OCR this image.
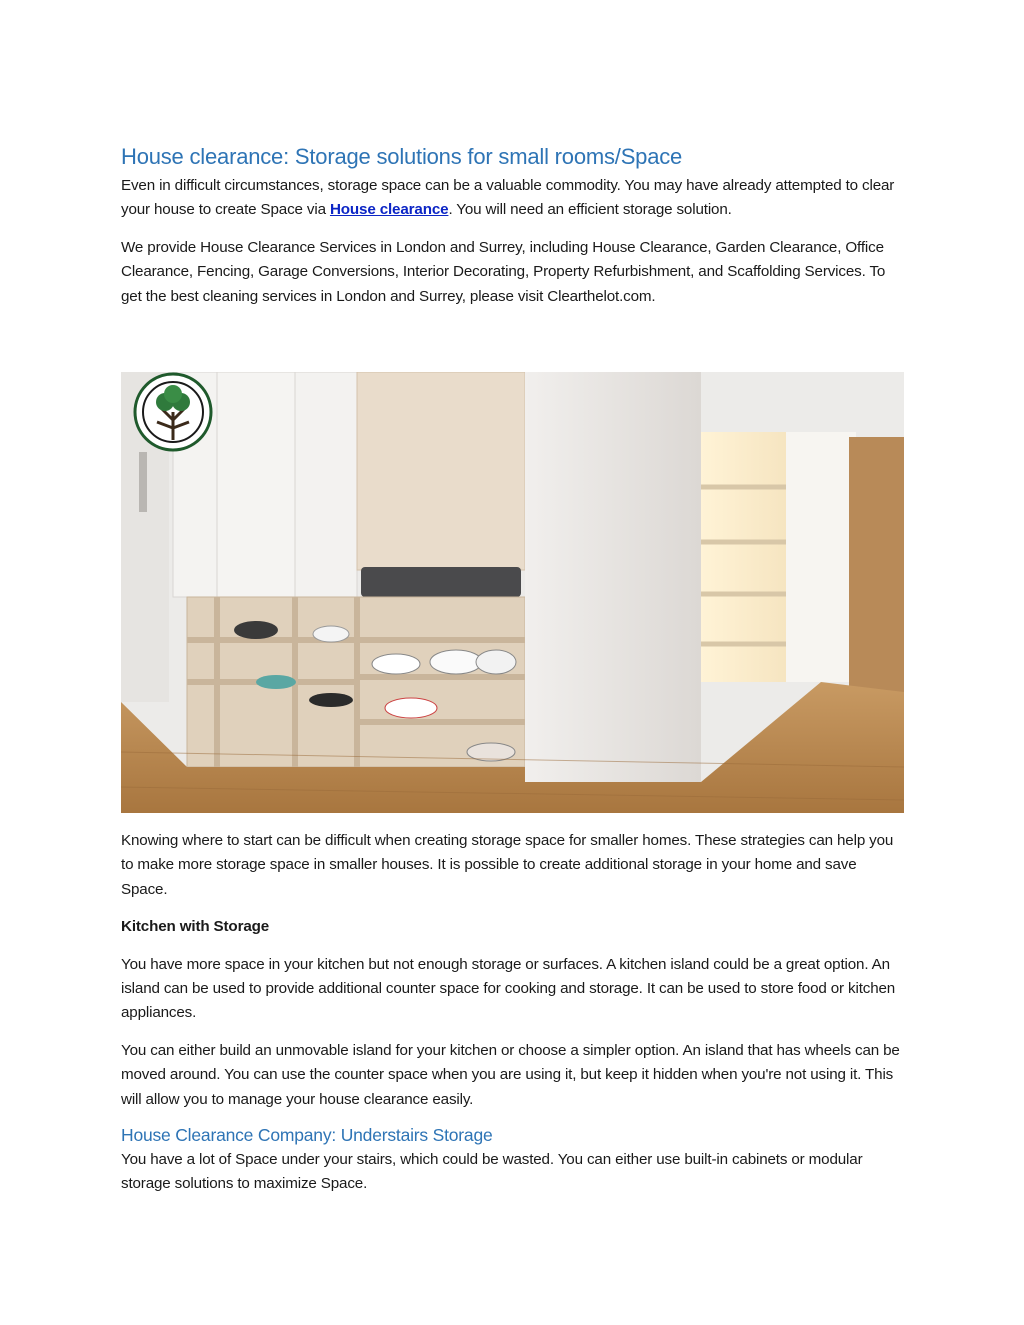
House clearance: Storage solutions for small rooms/Space

Even in difficult circumstances, storage space can be a valuable commodity. You may have already attempted to clear your house to create Space via House clearance. You will need an efficient storage solution.

We provide House Clearance Services in London and Surrey, including House Clearance, Garden Clearance, Office Clearance, Fencing, Garage Conversions, Interior Decorating, Property Refurbishment, and Scaffolding Services. To get the best cleaning services in London and Surrey, please visit Clearthelot.com.

Knowing where to start can be difficult when creating storage space for smaller homes. These strategies can help you to make more storage space in smaller houses. It is possible to create additional storage in your home and save Space.

Kitchen with Storage

You have more space in your kitchen but not enough storage or surfaces. A kitchen island could be a great option. An island can be used to provide additional counter space for cooking and storage. It can be used to store food or kitchen appliances.

You can either build an unmovable island for your kitchen or choose a simpler option. An island that has wheels can be moved around. You can use the counter space when you are using it, but keep it hidden when you're not using it. This will allow you to manage your house clearance easily.

House Clearance Company: Understairs Storage

You have a lot of Space under your stairs, which could be wasted. You can either use built-in cabinets or modular storage solutions to maximize Space.
